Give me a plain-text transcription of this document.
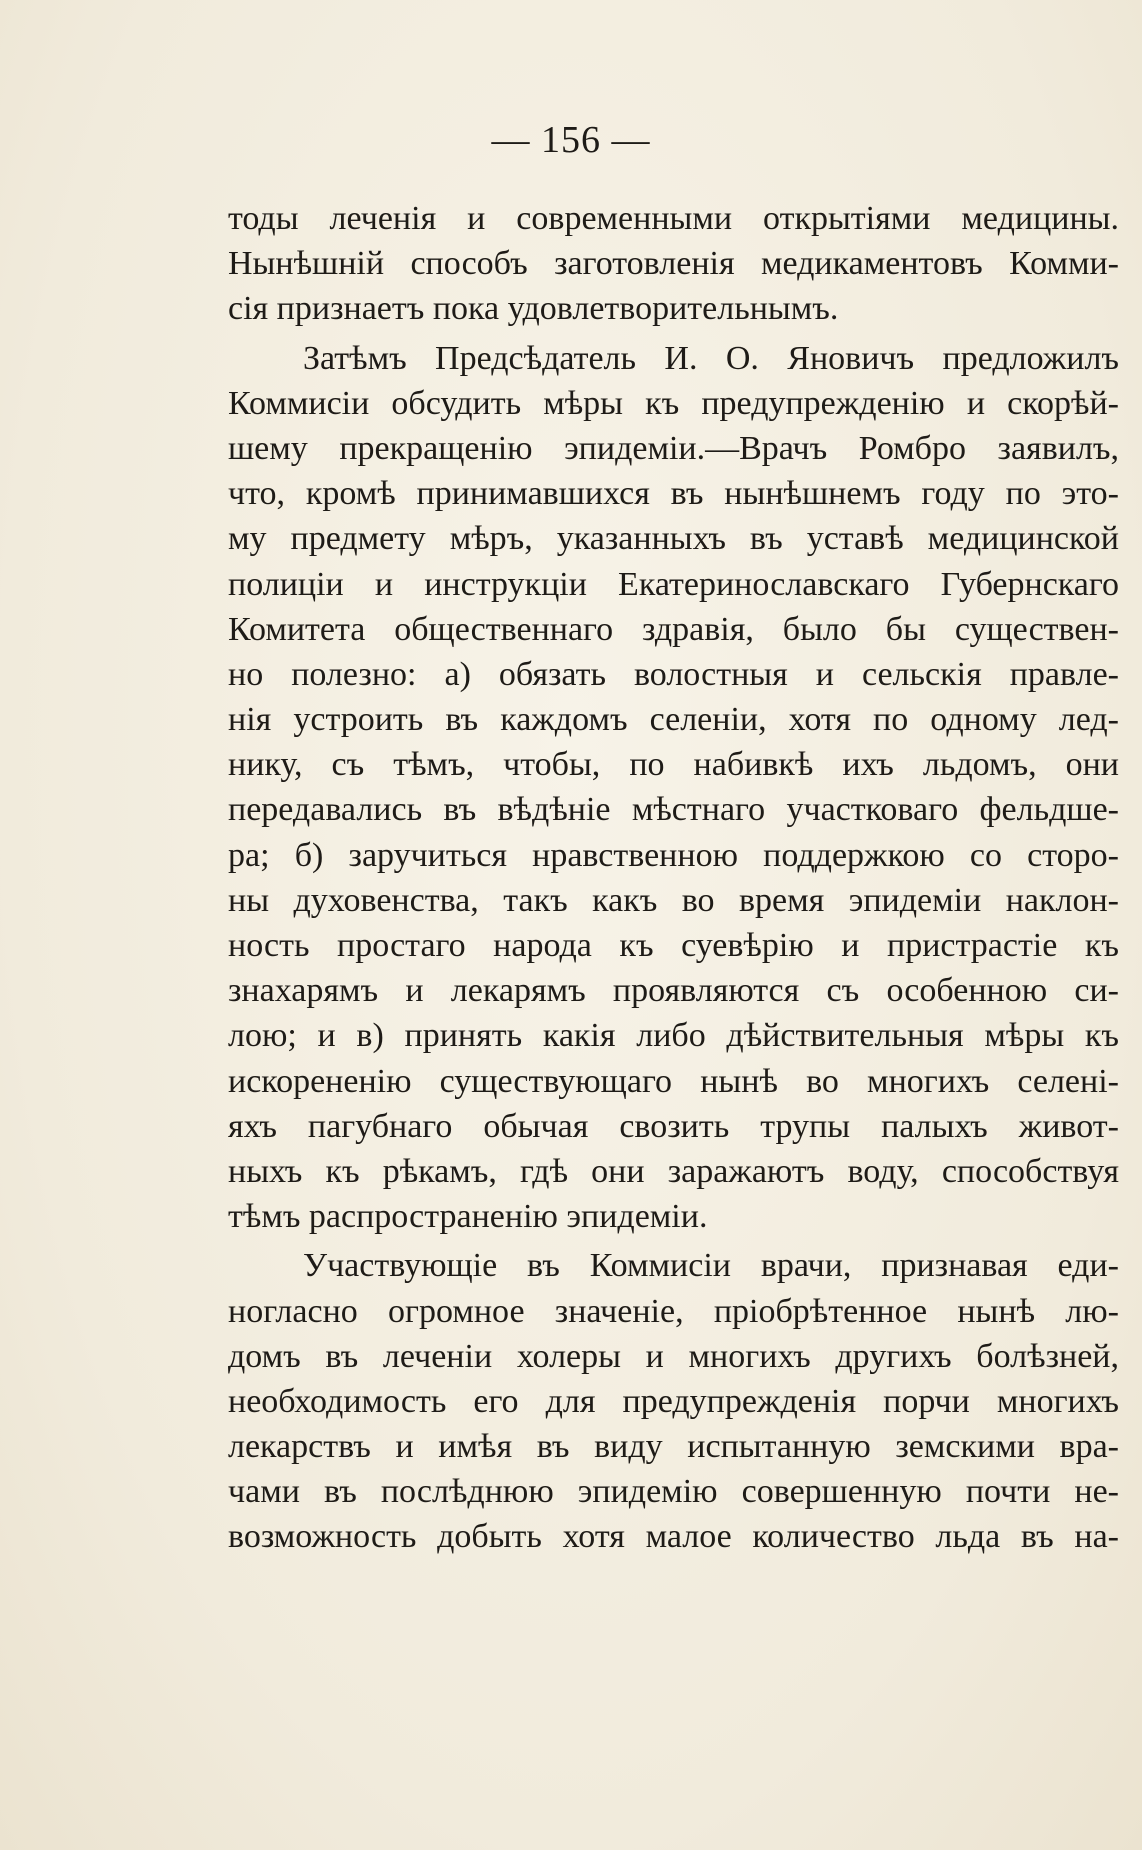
— 156 —
тоды леченія и современными открытіями медицины.
Нынѣшній способъ заготовленія медикаментовъ Комми-
сія признаетъ пока удовлетворительнымъ.
Затѣмъ Предсѣдатель И. О. Яновичъ предложилъ
Коммисіи обсудить мѣры къ предупрежденію и скорѣй-
шему прекращенію эпидеміи.—Врачъ Ромбро заявилъ,
что, кромѣ принимавшихся въ нынѣшнемъ году по это-
му предмету мѣръ, указанныхъ въ уставѣ медицинской
полиціи и инструкціи Екатеринославскаго Губернскаго
Комитета общественнаго здравія, было бы существен-
но полезно: а) обязать волостныя и сельскія правле-
нія устроить въ каждомъ селеніи, хотя по одному лед-
нику, съ тѣмъ, чтобы, по набивкѣ ихъ льдомъ, они
передавались въ вѣдѣніе мѣстнаго участковаго фельдше-
ра; б) заручиться нравственною поддержкою со сторо-
ны духовенства, такъ какъ во время эпидеміи наклон-
ность простаго народа къ суевѣрію и пристрастіе къ
знахарямъ и лекарямъ проявляются съ особенною си-
лою; и в) принять какія либо дѣйствительныя мѣры къ
искорененію существующаго нынѣ во многихъ селені-
яхъ пагубнаго обычая свозить трупы палыхъ живот-
ныхъ къ рѣкамъ, гдѣ они заражаютъ воду, способствуя
тѣмъ распространенію эпидеміи.
Участвующіе въ Коммисіи врачи, признавая еди-
ногласно огромное значеніе, пріобрѣтенное нынѣ лю-
домъ въ леченіи холеры и многихъ другихъ болѣзней,
необходимость его для предупрежденія порчи многихъ
лекарствъ и имѣя въ виду испытанную земскими вра-
чами въ послѣднюю эпидемію совершенную почти не-
возможность добыть хотя малое количество льда въ на-
